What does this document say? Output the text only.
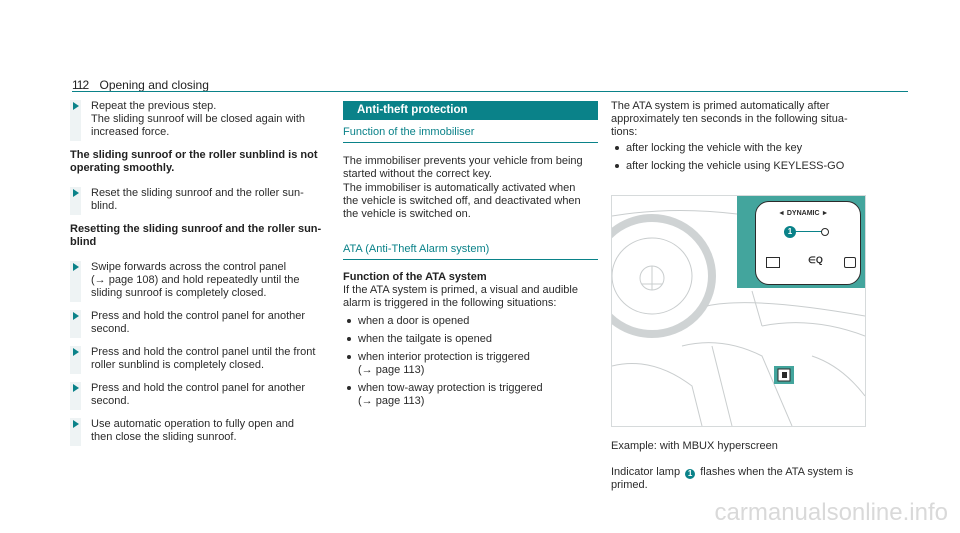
112 Opening and closing
Repeat the previous step.
The sliding sunroof will be closed again with
increased force.
The sliding sunroof or the roller sunblind is not
operating smoothly.
Reset the sliding sunroof and the roller sun-
blind.
Resetting the sliding sunroof and the roller sun-
blind
Swipe forwards across the control panel
(→ page 108) and hold repeatedly until the
sliding sunroof is completely closed.
Press and hold the control panel for another
second.
Press and hold the control panel until the front
roller sunblind is completely closed.
Press and hold the control panel for another
second.
Use automatic operation to fully open and
then close the sliding sunroof.
Anti-theft protection
Function of the immobiliser

The immobiliser prevents your vehicle from being
started without the correct key.

The immobiliser is automatically activated when
the vehicle is switched off, and deactivated when
the vehicle is switched on.

ATA (Anti-Theft Alarm system)
Function of the ATA system

If the ATA system is primed, a visual and audible
alarm is triggered in the following situations:

when a door is opened
when the tailgate is opened
when interior protection is triggered
(→ page 113)
when tow-away protection is triggered
(→ page 113)

The ATA system is primed automatically after
approximately ten seconds in the following situa-
tions:

after locking the vehicle with the key
after locking the vehicle using KEYLESS-GO
◄ DYNAMIC ►
1
∈Q
Example: with MBUX hyperscreen

Indicator lamp 1 flashes when the ATA system is
primed.

carmanualsonline.info
